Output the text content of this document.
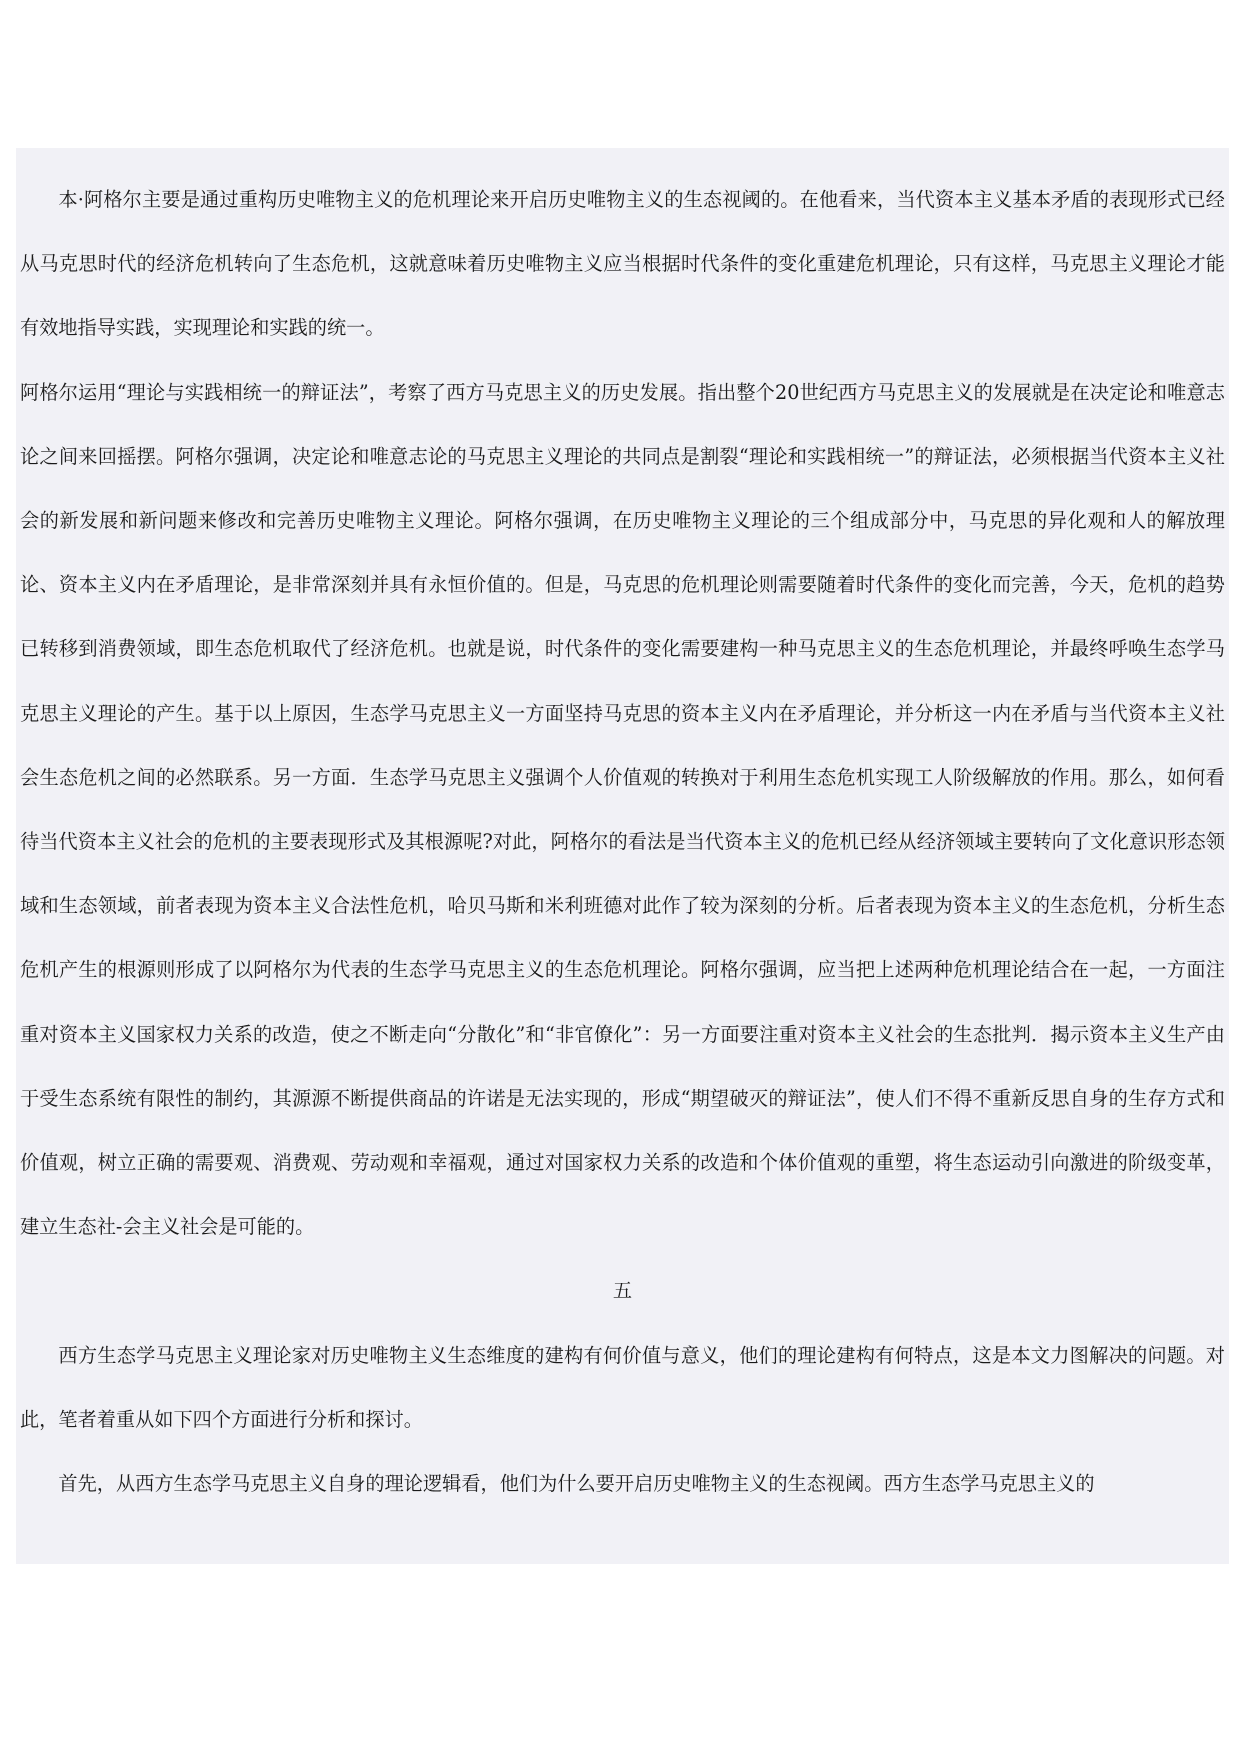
本·阿格尔主要是通过重构历史唯物主义的危机理论来开启历史唯物主义的生态视阈的。在他看来，当代资本主义基本矛盾的表现形式已经从马克思时代的经济危机转向了生态危机，这就意味着历史唯物主义应当根据时代条件的变化重建危机理论，只有这样，马克思主义理论才能有效地指导实践，实现理论和实践的统一。

阿格尔运用“理论与实践相统一的辩证法”，考察了西方马克思主义的历史发展。指出整个20世纪西方马克思主义的发展就是在决定论和唯意志论之间来回摇摆。阿格尔强调，决定论和唯意志论的马克思主义理论的共同点是割裂“理论和实践相统一”的辩证法，必须根据当代资本主义社会的新发展和新问题来修改和完善历史唯物主义理论。阿格尔强调，在历史唯物主义理论的三个组成部分中，马克思的异化观和人的解放理论、资本主义内在矛盾理论，是非常深刻并具有永恒价值的。但是，马克思的危机理论则需要随着时代条件的变化而完善，今天，危机的趋势已转移到消费领域，即生态危机取代了经济危机。也就是说，时代条件的变化需要建构一种马克思主义的生态危机理论，并最终呼唤生态学马克思主义理论的产生。基于以上原因，生态学马克思主义一方面坚持马克思的资本主义内在矛盾理论，并分析这一内在矛盾与当代资本主义社会生态危机之间的必然联系。另一方面．生态学马克思主义强调个人价值观的转换对于利用生态危机实现工人阶级解放的作用。那么，如何看待当代资本主义社会的危机的主要表现形式及其根源呢?对此，阿格尔的看法是当代资本主义的危机已经从经济领域主要转向了文化意识形态领域和生态领域，前者表现为资本主义合法性危机，哈贝马斯和米利班德对此作了较为深刻的分析。后者表现为资本主义的生态危机，分析生态危机产生的根源则形成了以阿格尔为代表的生态学马克思主义的生态危机理论。阿格尔强调，应当把上述两种危机理论结合在一起，一方面注重对资本主义国家权力关系的改造，使之不断走向“分散化”和“非官僚化”：另一方面要注重对资本主义社会的生态批判．揭示资本主义生产由于受生态系统有限性的制约，其源源不断提供商品的许诺是无法实现的，形成“期望破灭的辩证法”，使人们不得不重新反思自身的生存方式和价值观，树立正确的需要观、消费观、劳动观和幸福观，通过对国家权力关系的改造和个体价值观的重塑，将生态运动引向激进的阶级变革，建立生态社-会主义社会是可能的。

五

西方生态学马克思主义理论家对历史唯物主义生态维度的建构有何价值与意义，他们的理论建构有何特点，这是本文力图解决的问题。对此，笔者着重从如下四个方面进行分析和探讨。

首先，从西方生态学马克思主义自身的理论逻辑看，他们为什么要开启历史唯物主义的生态视阈。西方生态学马克思主义的
